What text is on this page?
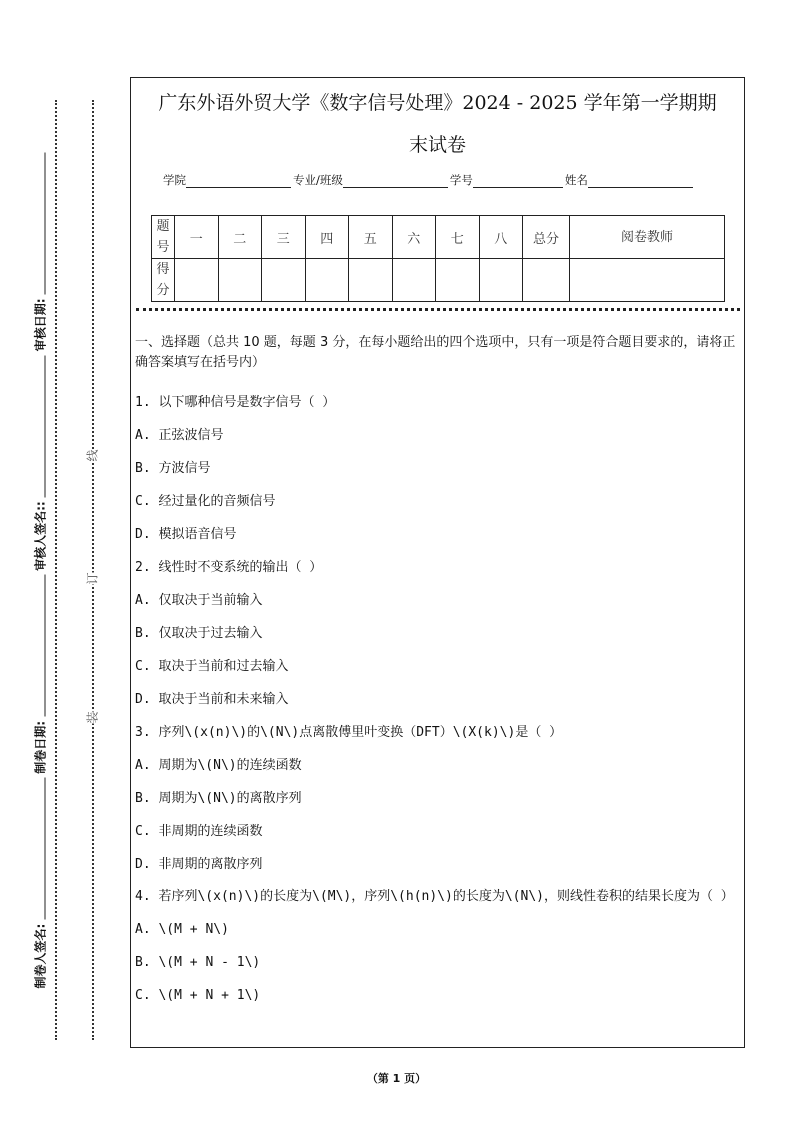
线
订
装
制卷人签名:
制卷日期:
审核人签名::
审核日期:
广东外语外贸大学《数字信号处理》2024 - 2025 学年第一学期期
末试卷
学院	专业/班级	学号	姓名
题号	一	二	三	四	五	六	七	八	总分	阅卷教师
得分										

一、选择题（总共 10 题，每题 3 分，在每小题给出的四个选项中，只有一项是符合题目要求的，请将正确答案填写在括号内）

1. 以下哪种信号是数字信号（ ）

A. 正弦波信号

B. 方波信号

C. 经过量化的音频信号

D. 模拟语音信号

2. 线性时不变系统的输出（ ）

A. 仅取决于当前输入

B. 仅取决于过去输入

C. 取决于当前和过去输入

D. 取决于当前和未来输入

3. 序列\(x(n)\)的\(N\)点离散傅里叶变换（DFT）\(X(k)\)是（ ）

A. 周期为\(N\)的连续函数

B. 周期为\(N\)的离散序列

C. 非周期的连续函数

D. 非周期的离散序列

4. 若序列\(x(n)\)的长度为\(M\)，序列\(h(n)\)的长度为\(N\)，则线性卷积的结果长度为（ ）

A. \(M + N\)

B. \(M + N - 1\)

C. \(M + N + 1\)

（第 1 页）
